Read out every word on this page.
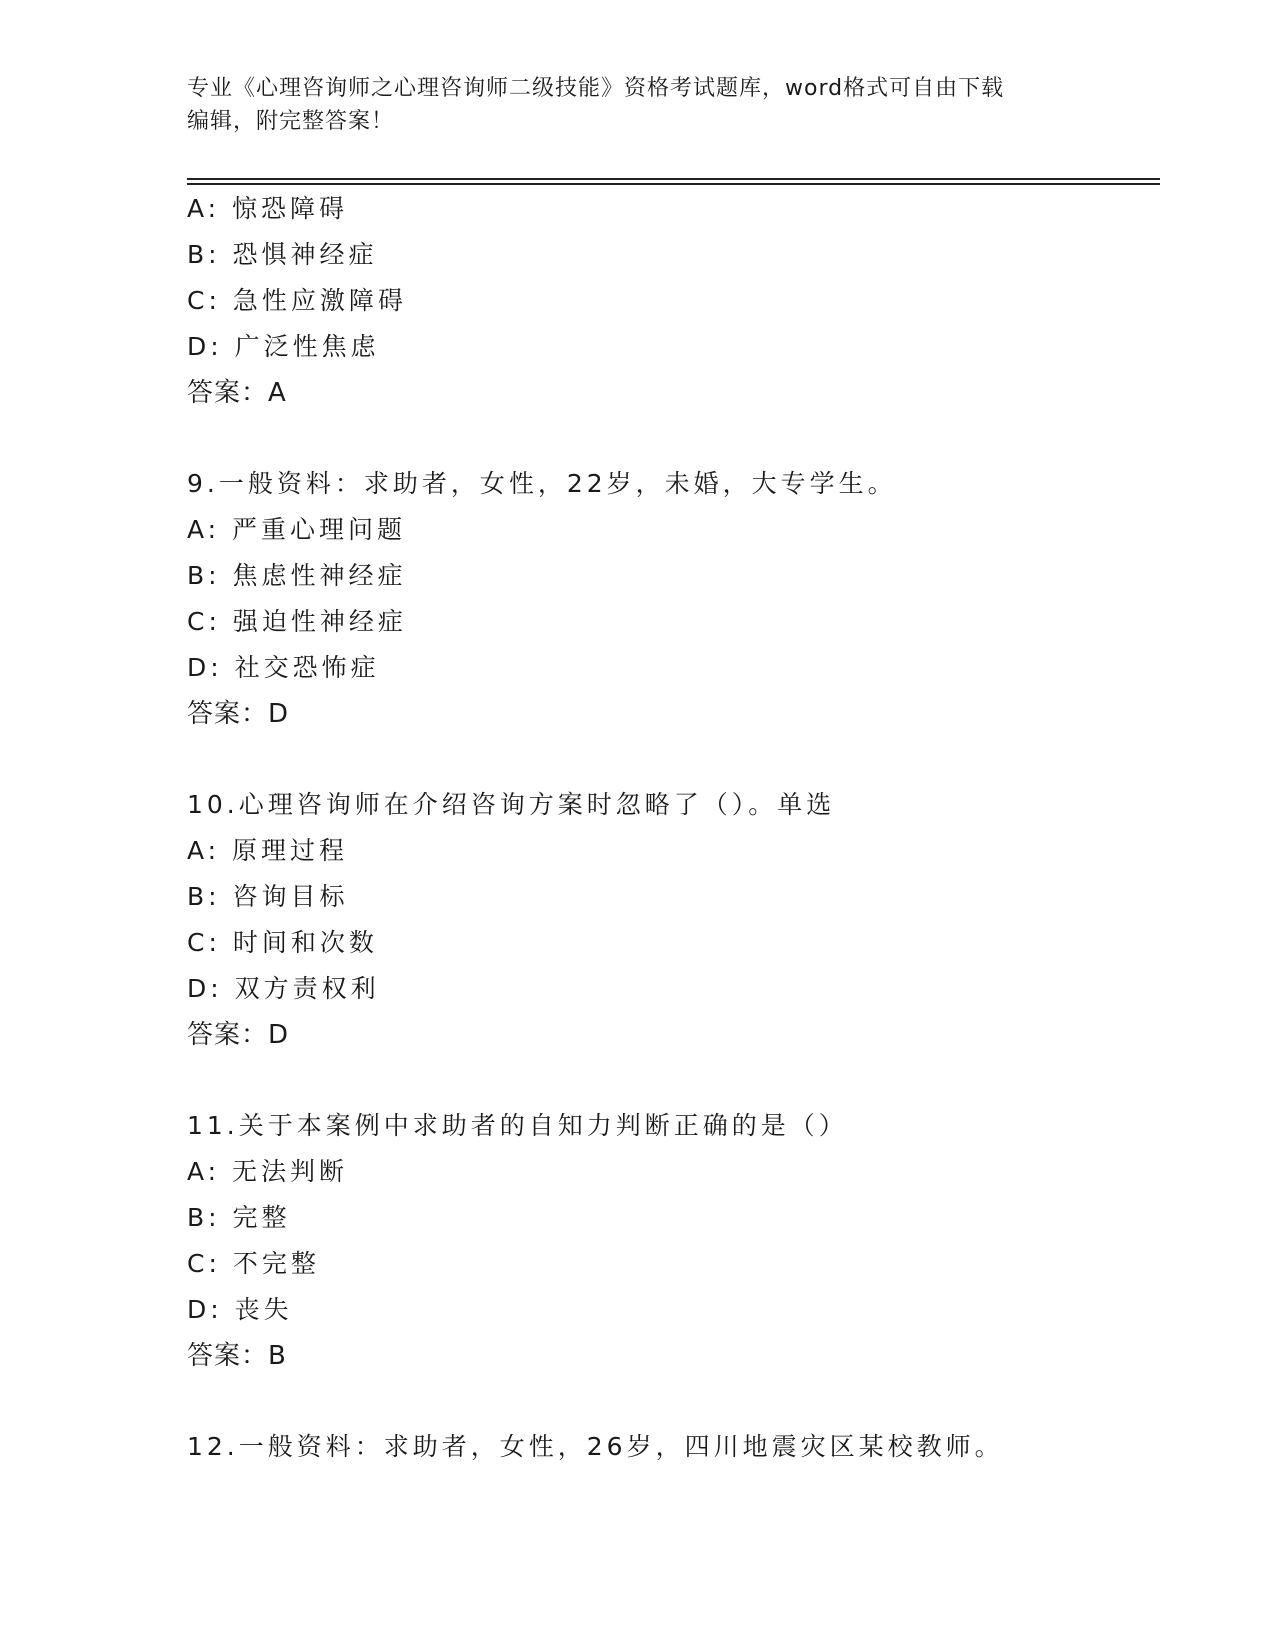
专业《心理咨询师之心理咨询师二级技能》资格考试题库，word格式可自由下载
编辑，附完整答案！
A: 惊恐障碍
B: 恐惧神经症
C: 急性应激障碍
D: 广泛性焦虑
答案：A
9.一般资料：求助者，女性，22岁，未婚，大专学生。
A: 严重心理问题
B: 焦虑性神经症
C: 强迫性神经症
D: 社交恐怖症
答案：D
10.心理咨询师在介绍咨询方案时忽略了（）。单选
A: 原理过程
B: 咨询目标
C: 时间和次数
D: 双方责权利
答案：D
11.关于本案例中求助者的自知力判断正确的是（）
A: 无法判断
B: 完整
C: 不完整
D: 丧失
答案：B
12.一般资料：求助者，女性，26岁，四川地震灾区某校教师。
